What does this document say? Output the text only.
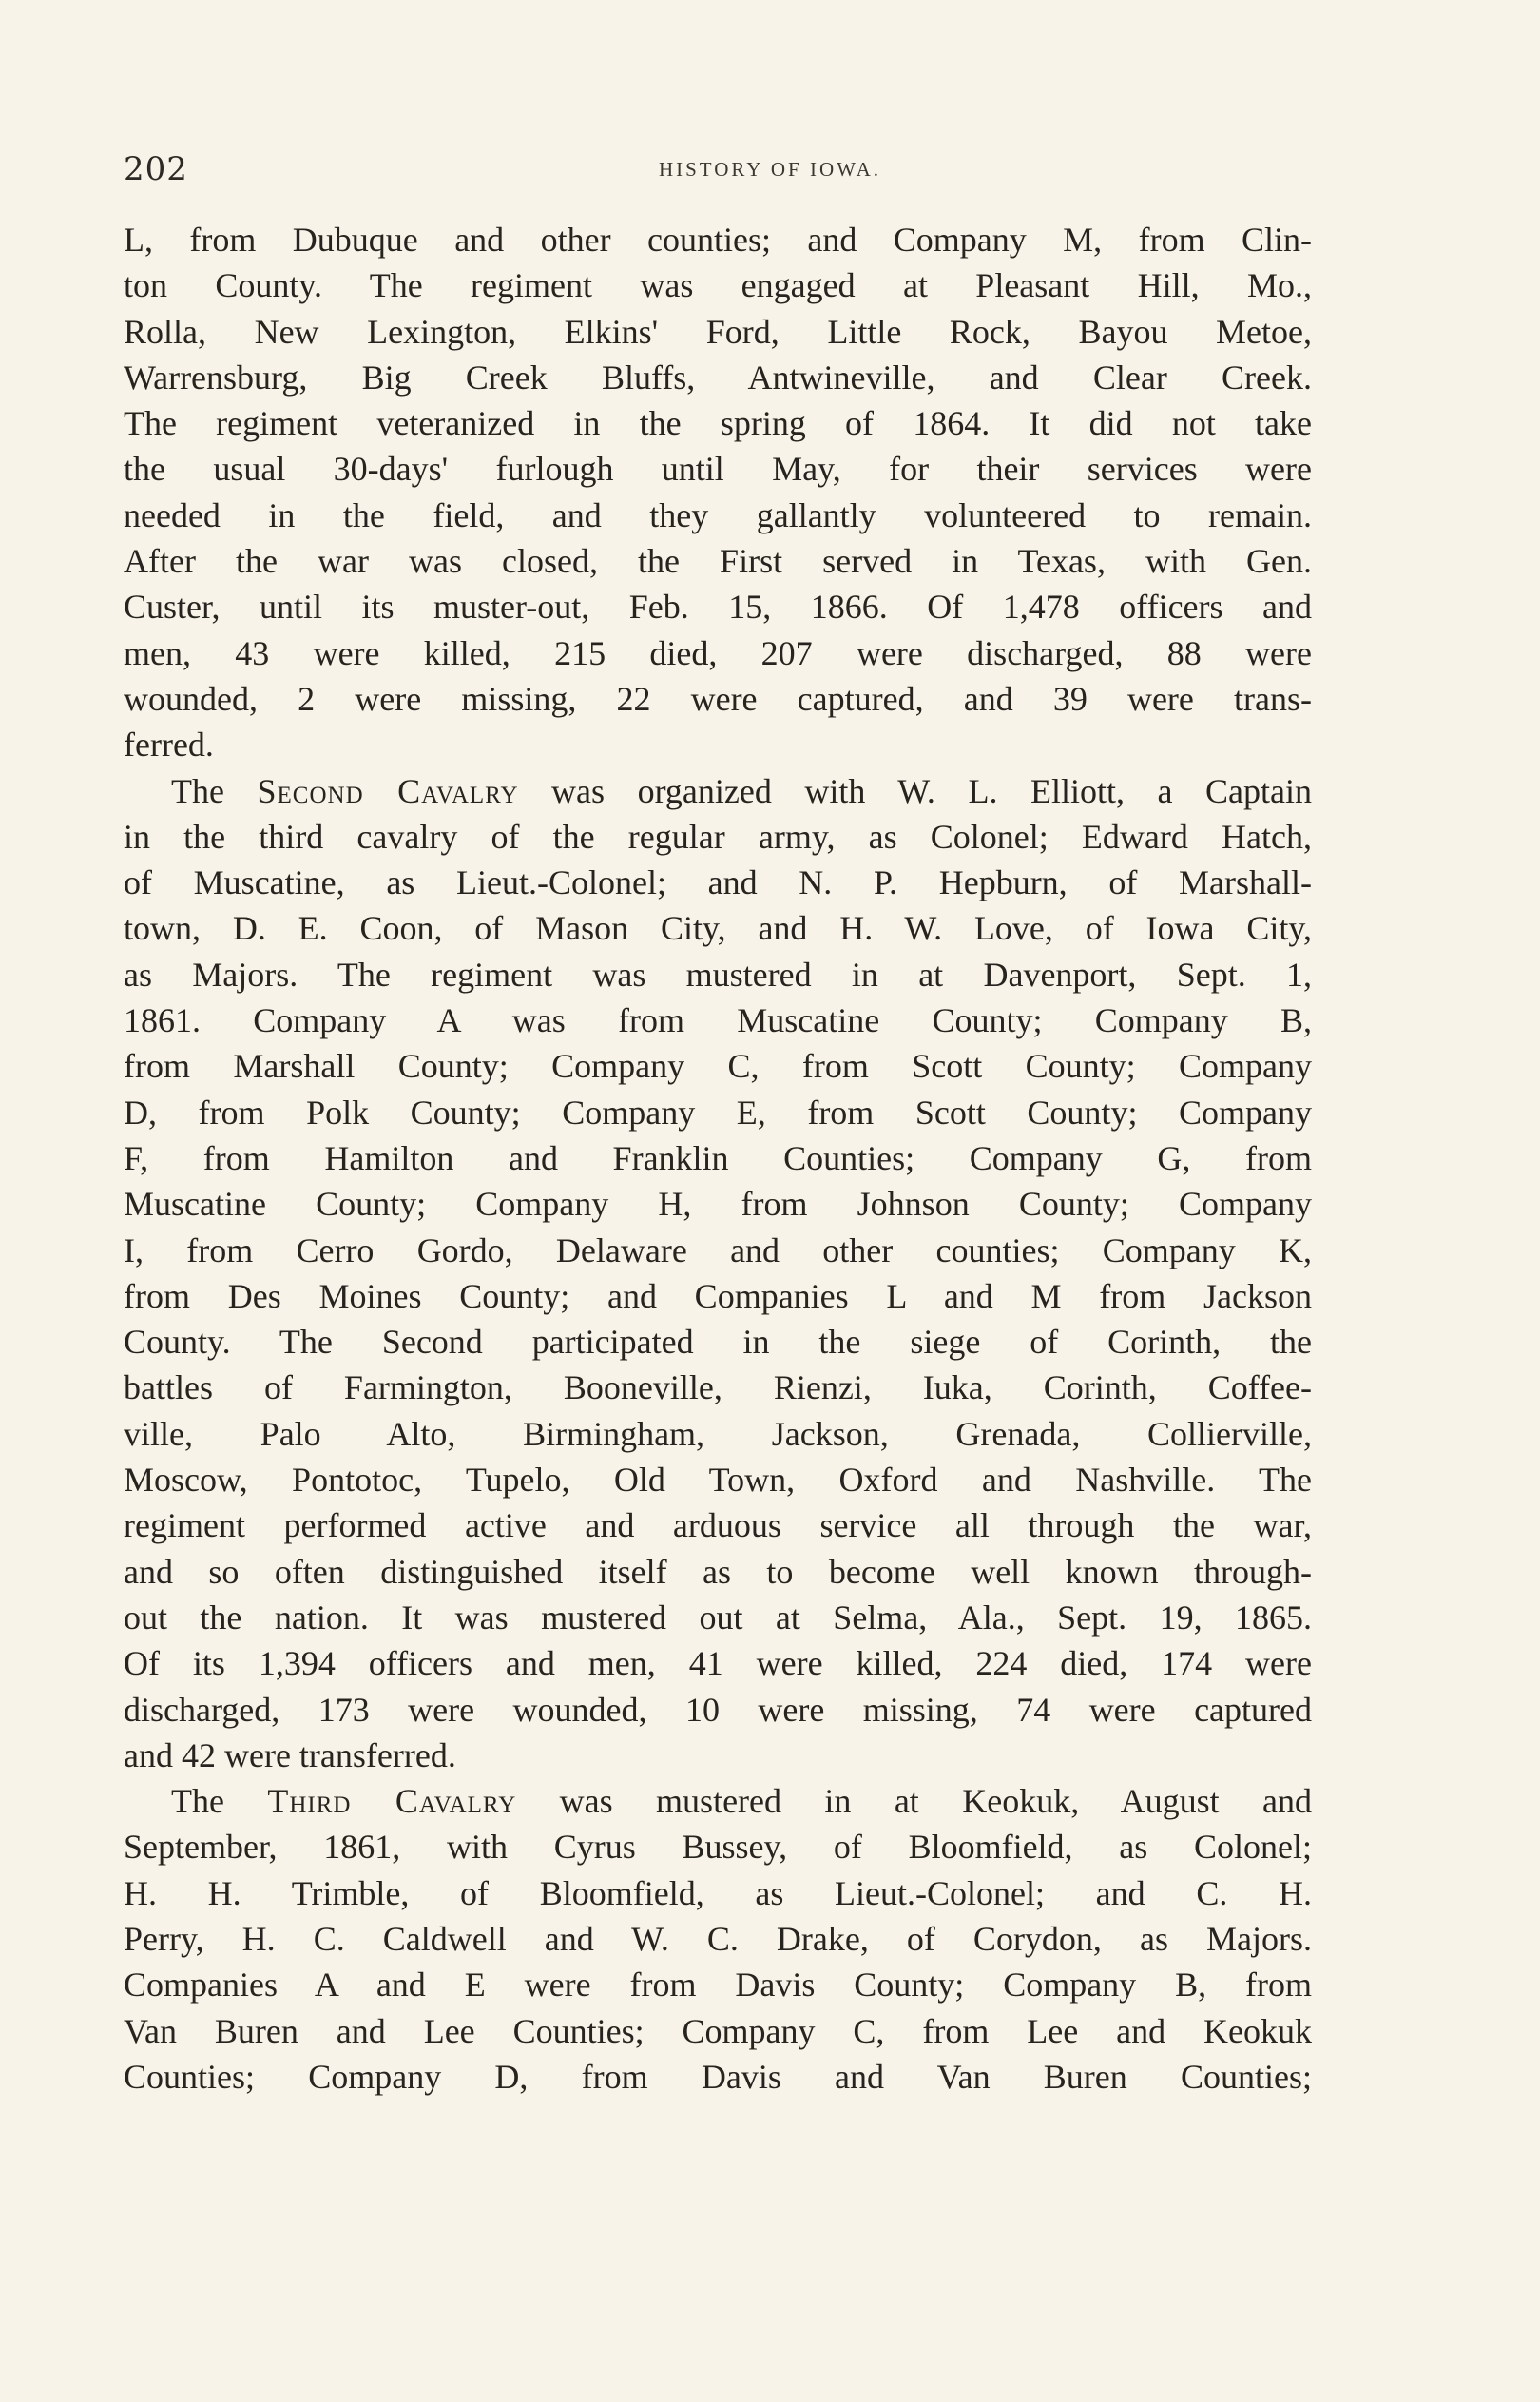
202	HISTORY OF IOWA.
L, from Dubuque and other counties; and Company M, from Clin-
ton County. The regiment was engaged at Pleasant Hill, Mo.,
Rolla, New Lexington, Elkins' Ford, Little Rock, Bayou Metoe,
Warrensburg, Big Creek Bluffs, Antwineville, and Clear Creek.
The regiment veteranized in the spring of 1864. It did not take
the usual 30-days' furlough until May, for their services were
needed in the field, and they gallantly volunteered to remain.
After the war was closed, the First served in Texas, with Gen.
Custer, until its muster-out, Feb. 15, 1866. Of 1,478 officers and
men, 43 were killed, 215 died, 207 were discharged, 88 were
wounded, 2 were missing, 22 were captured, and 39 were trans-
ferred.
The Second Cavalry was organized with W. L. Elliott, a Captain
in the third cavalry of the regular army, as Colonel; Edward Hatch,
of Muscatine, as Lieut.-Colonel; and N. P. Hepburn, of Marshall-
town, D. E. Coon, of Mason City, and H. W. Love, of Iowa City,
as Majors. The regiment was mustered in at Davenport, Sept. 1,
1861. Company A was from Muscatine County; Company B,
from Marshall County; Company C, from Scott County; Company
D, from Polk County; Company E, from Scott County; Company
F, from Hamilton and Franklin Counties; Company G, from
Muscatine County; Company H, from Johnson County; Company
I, from Cerro Gordo, Delaware and other counties; Company K,
from Des Moines County; and Companies L and M from Jackson
County. The Second participated in the siege of Corinth, the
battles of Farmington, Booneville, Rienzi, Iuka, Corinth, Coffee-
ville, Palo Alto, Birmingham, Jackson, Grenada, Collierville,
Moscow, Pontotoc, Tupelo, Old Town, Oxford and Nashville. The
regiment performed active and arduous service all through the war,
and so often distinguished itself as to become well known through-
out the nation. It was mustered out at Selma, Ala., Sept. 19, 1865.
Of its 1,394 officers and men, 41 were killed, 224 died, 174 were
discharged, 173 were wounded, 10 were missing, 74 were captured
and 42 were transferred.
The Third Cavalry was mustered in at Keokuk, August and
September, 1861, with Cyrus Bussey, of Bloomfield, as Colonel;
H. H. Trimble, of Bloomfield, as Lieut.-Colonel; and C. H.
Perry, H. C. Caldwell and W. C. Drake, of Corydon, as Majors.
Companies A and E were from Davis County; Company B, from
Van Buren and Lee Counties; Company C, from Lee and Keokuk
Counties; Company D, from Davis and Van Buren Counties;
